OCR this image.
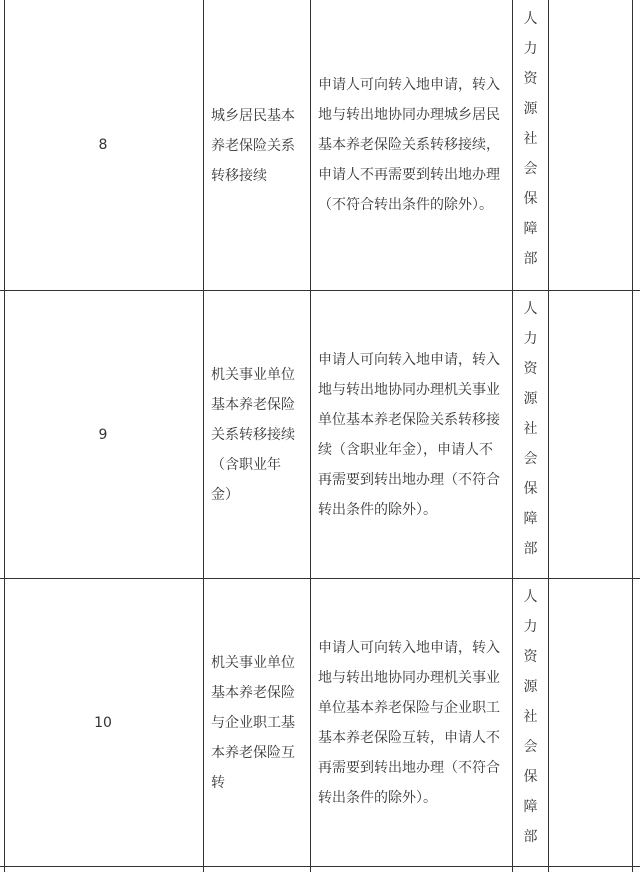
8
城乡居民基本
养老保险关系
转移接续
申请人可向转入地申请，转入
地与转出地协同办理城乡居民
基本养老保险关系转移接续，
申请人不再需要到转出地办理
（不符合转出条件的除外）。
人
力
资
源
社
会
保
障
部
9
机关事业单位
基本养老保险
关系转移接续
（含职业年
金）
申请人可向转入地申请，转入
地与转出地协同办理机关事业
单位基本养老保险关系转移接
续（含职业年金），申请人不
再需要到转出地办理（不符合
转出条件的除外）。
人
力
资
源
社
会
保
障
部
10
机关事业单位
基本养老保险
与企业职工基
本养老保险互
转
申请人可向转入地申请，转入
地与转出地协同办理机关事业
单位基本养老保险与企业职工
基本养老保险互转，申请人不
再需要到转出地办理（不符合
转出条件的除外）。
人
力
资
源
社
会
保
障
部
